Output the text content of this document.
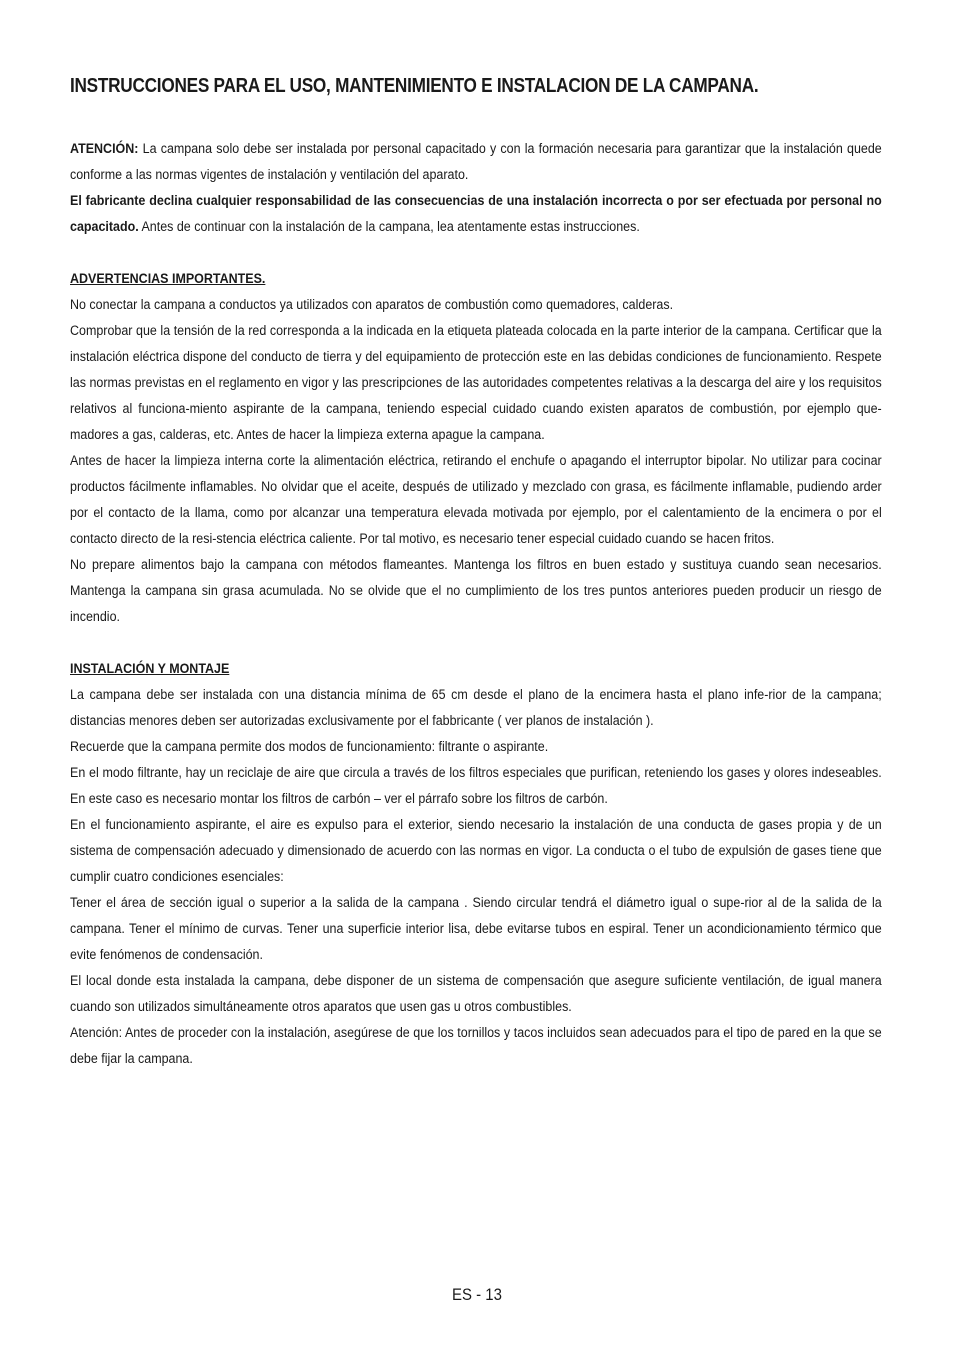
INSTRUCCIONES PARA EL USO, MANTENIMIENTO E INSTALACION DE LA CAMPANA.

ATENCIÓN: La campana solo debe ser instalada por personal capacitado y con la formación necesaria para garantizar que la instalación quede conforme a las normas vigentes de instalación y ventilación del aparato.

El fabricante declina cualquier responsabilidad de las consecuencias de una instalación incorrecta o por ser efectuada por personal no capacitado. Antes de continuar con la instalación de la campana, lea atentamente estas instrucciones.

ADVERTENCIAS IMPORTANTES.

No conectar la campana a conductos ya utilizados con aparatos de combustión como quemadores, calderas.

Comprobar que la tensión de la red corresponda a la indicada en la etiqueta plateada colocada en la parte interior de la campana. Certificar que la instalación eléctrica dispone del conducto de tierra y del equipamiento de protección este en las debidas condiciones de funcionamiento. Respete las normas previstas en el reglamento en vigor y las prescripciones de las autoridades competentes relativas a la descarga del aire y los requisitos relativos al funciona-miento aspirante de la campana, teniendo especial cuidado cuando existen aparatos de combustión, por ejemplo que-madores a gas, calderas, etc. Antes de hacer la limpieza externa apague la campana.

Antes de hacer la limpieza interna corte la alimentación eléctrica, retirando el enchufe o apagando el interruptor bipolar. No utilizar para cocinar productos fácilmente inflamables. No olvidar que el aceite, después de utilizado y mezclado con grasa, es fácilmente inflamable, pudiendo arder por el contacto de la llama, como por alcanzar una temperatura elevada motivada por ejemplo, por el calentamiento de la encimera o por el contacto directo de la resi-stencia eléctrica caliente. Por tal motivo, es necesario tener especial cuidado cuando se hacen fritos.

No prepare alimentos bajo la campana con métodos flameantes. Mantenga los filtros en buen estado y sustituya cuando sean necesarios. Mantenga la campana sin grasa acumulada. No se olvide que el no cumplimiento de los tres puntos anteriores pueden producir un riesgo de incendio.

INSTALACIÓN Y MONTAJE

La campana debe ser instalada con una distancia mínima de 65 cm desde el plano de la encimera hasta el plano infe-rior de la campana; distancias menores deben ser autorizadas exclusivamente por el fabbricante ( ver planos de instalación ).

Recuerde que la campana permite dos modos de funcionamiento: filtrante o aspirante.

En el modo filtrante, hay un reciclaje de aire que circula a través de los filtros especiales que purifican, reteniendo los gases y olores indeseables. En este caso es necesario montar los filtros de carbón – ver el párrafo sobre los filtros de carbón.

En el funcionamiento aspirante, el aire es expulso para el exterior, siendo necesario la instalación de una conducta de gases propia y de un sistema de compensación adecuado y dimensionado de acuerdo con las normas en vigor. La conducta o el tubo de expulsión de gases tiene que cumplir cuatro condiciones esenciales:

Tener el área de sección igual o superior a la salida de la campana . Siendo circular tendrá el diámetro igual o supe-rior al de la salida de la campana. Tener el mínimo de curvas. Tener una superficie interior lisa, debe evitarse tubos en espiral. Tener un acondicionamiento térmico que evite fenómenos de condensación.

El local donde esta instalada la campana, debe disponer de un sistema de compensación que asegure suficiente ventilación, de igual manera cuando son utilizados simultáneamente otros aparatos que usen gas u otros combustibles.

Atención: Antes de proceder con la instalación, asegúrese de que los tornillos y tacos incluidos sean adecuados para el tipo de pared en la que se debe fijar la campana.

ES - 13
